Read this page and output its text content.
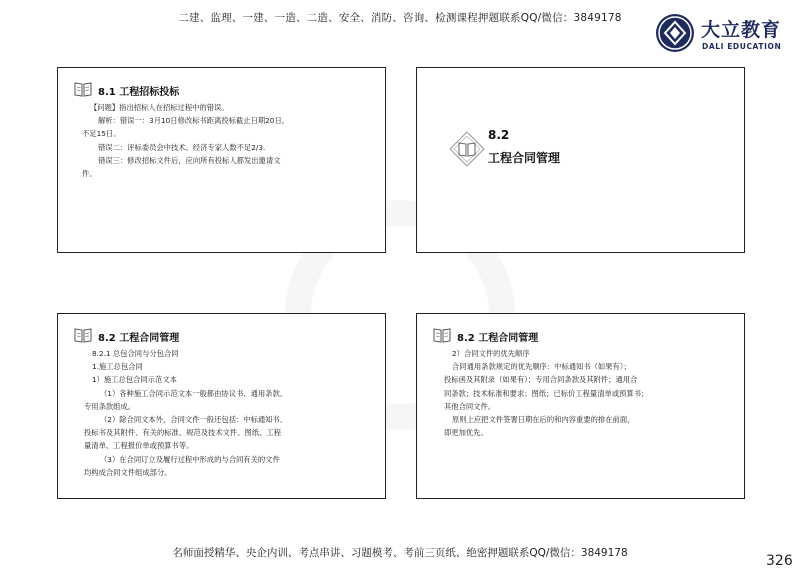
二建、监理、一建、一造、二造、安全、消防、咨询、检测课程押题联系QQ/微信：3849178
大立教育
DALI EDUCATION
8.1 工程招标投标

【问题】指出招标人在招标过程中的错误。

解析：错误一：3月10日修改标书距离投标截止日期20日，

不足15日。

错误二：评标委员会中技术、经济专家人数不足2/3.

错误三：修改招标文件后，应向所有投标人都发出邀请文

件。

8.2
工程合同管理
8.2 工程合同管理

8.2.1 总包合同与分包合同

1.施工总包合同

1）施工总包合同示范文本

（1）各种施工合同示范文本一般都由协议书、通用条款、

专用条款组成。

（2）除合同文本外，合同文件一般还包括：中标通知书、

投标书及其附件、有关的标准、规范及技术文件、图纸、工程

量清单、工程报价单或预算书等。

（3）在合同订立及履行过程中形成的与合同有关的文件

均构成合同文件组成部分。

8.2 工程合同管理

2）合同文件的优先顺序

合同通用条款规定的优先顺序：中标通知书（如果有）；

投标函及其附录（如果有）；专用合同条款及其附件；通用合

同条款；技术标准和要求；图纸；已标价工程量清单或预算书；

其他合同文件。

原则上应把文件签署日期在后的和内容重要的排在前面，

即更加优先。

名师面授精华、央企内训、考点串讲、习题模考、考前三页纸、绝密押题联系QQ/微信：3849178	326
